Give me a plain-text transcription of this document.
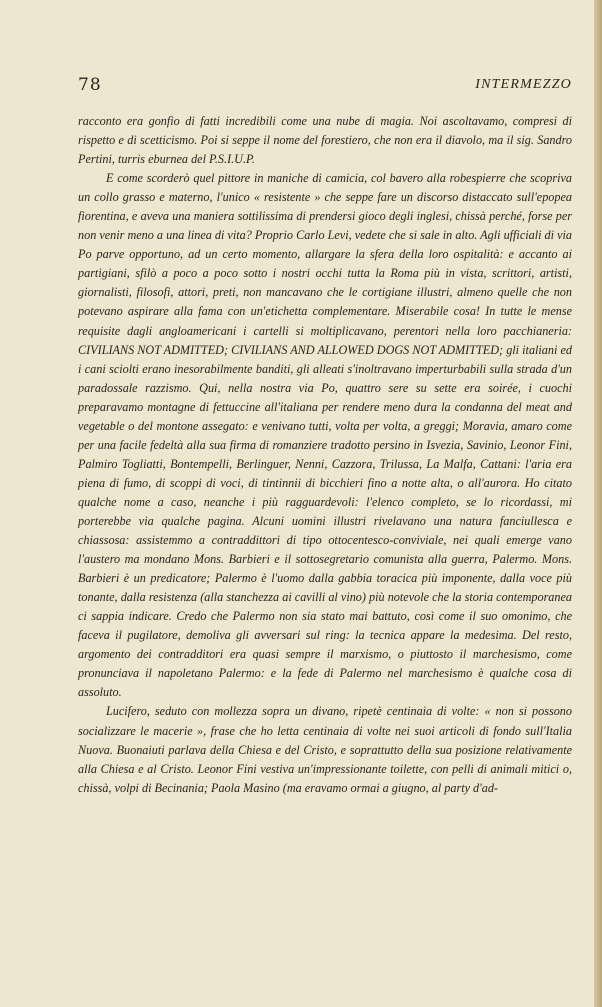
78	INTERMEZZO

racconto era gonfio di fatti incredibili come una nube di magia. Noi ascoltavamo, compresi di rispetto e di scetticismo. Poi si seppe il nome del forestiero, che non era il diavolo, ma il sig. Sandro Pertini, turris eburnea del P.S.I.U.P.

E come scorderò quel pittore in maniche di camicia, col bavero alla robespierre che scopriva un collo grasso e materno, l'unico « resistente » che seppe fare un discorso distaccato sull'epopea fiorentina, e aveva una maniera sottilissima di prendersi gioco degli inglesi, chissà perché, forse per non venir meno a una linea di vita? Proprio Carlo Levi, vedete che si sale in alto. Agli ufficiali di via Po parve opportuno, ad un certo momento, allargare la sfera della loro ospitalità: e accanto ai partigiani, sfilò a poco a poco sotto i nostri occhi tutta la Roma più in vista, scrittori, artisti, giornalisti, filosofi, attori, preti, non mancavano che le cortigiane illustri, almeno quelle che non potevano aspirare alla fama con un'etichetta complementare. Miserabile cosa! In tutte le mense requisite dagli angloamericani i cartelli si moltiplicavano, perentori nella loro pacchianeria: CIVILIANS NOT ADMITTED; CIVILIANS AND ALLOWED DOGS NOT ADMITTED; gli italiani ed i cani sciolti erano inesorabilmente banditi, gli alleati s'inoltravano imperturbabili sulla strada d'un paradossale razzismo. Qui, nella nostra via Po, quattro sere su sette era soirée, i cuochi preparavamo montagne di fettuccine all'italiana per rendere meno dura la condanna del meat and vegetable o del montone assegato: e venivano tutti, volta per volta, a greggi; Moravia, amaro come per una facile fedeltà alla sua firma di romanziere tradotto persino in Isvezia, Savinio, Leonor Fini, Palmiro Togliatti, Bontempelli, Berlinguer, Nenni, Cazzora, Trilussa, La Malfa, Cattani: l'aria era piena di fumo, di scoppi di voci, di tintinnii di bicchieri fino a notte alta, o all'aurora. Ho citato qualche nome a caso, neanche i più ragguardevoli: l'elenco completo, se lo ricordassi, mi porterebbe via qualche pagina. Alcuni uomini illustri rivelavano una natura fanciullesca e chiassosa: assistemmo a contraddittori di tipo ottocentesco-conviviale, nei quali emerge vano l'austero ma mondano Mons. Barbieri e il sottosegretario comunista alla guerra, Palermo. Mons. Barbieri è un predicatore; Palermo è l'uomo dalla gabbia toracica più imponente, dalla voce più tonante, dalla resistenza (alla stanchezza ai cavilli al vino) più notevole che la storia contemporanea ci sappia indicare. Credo che Palermo non sia stato mai battuto, così come il suo omonimo, che faceva il pugilatore, demoliva gli avversari sul ring: la tecnica appare la medesima. Del resto, argomento dei contradditori era quasi sempre il marxismo, o piuttosto il marchesismo, come pronunciava il napoletano Palermo: e la fede di Palermo nel marchesismo è qualche cosa di assoluto.

Lucifero, seduto con mollezza sopra un divano, ripetè centinaia di volte: « non si possono socializzare le macerie », frase che ho letta centinaia di volte nei suoi articoli di fondo sull'Italia Nuova. Buonaiuti parlava della Chiesa e del Cristo, e soprattutto della sua posizione relativamente alla Chiesa e al Cristo. Leonor Fini vestiva un'impressionante toilette, con pelli di animali mitici o, chissà, volpi di Becinania; Paola Masino (ma eravamo ormai a giugno, al party d'ad-
